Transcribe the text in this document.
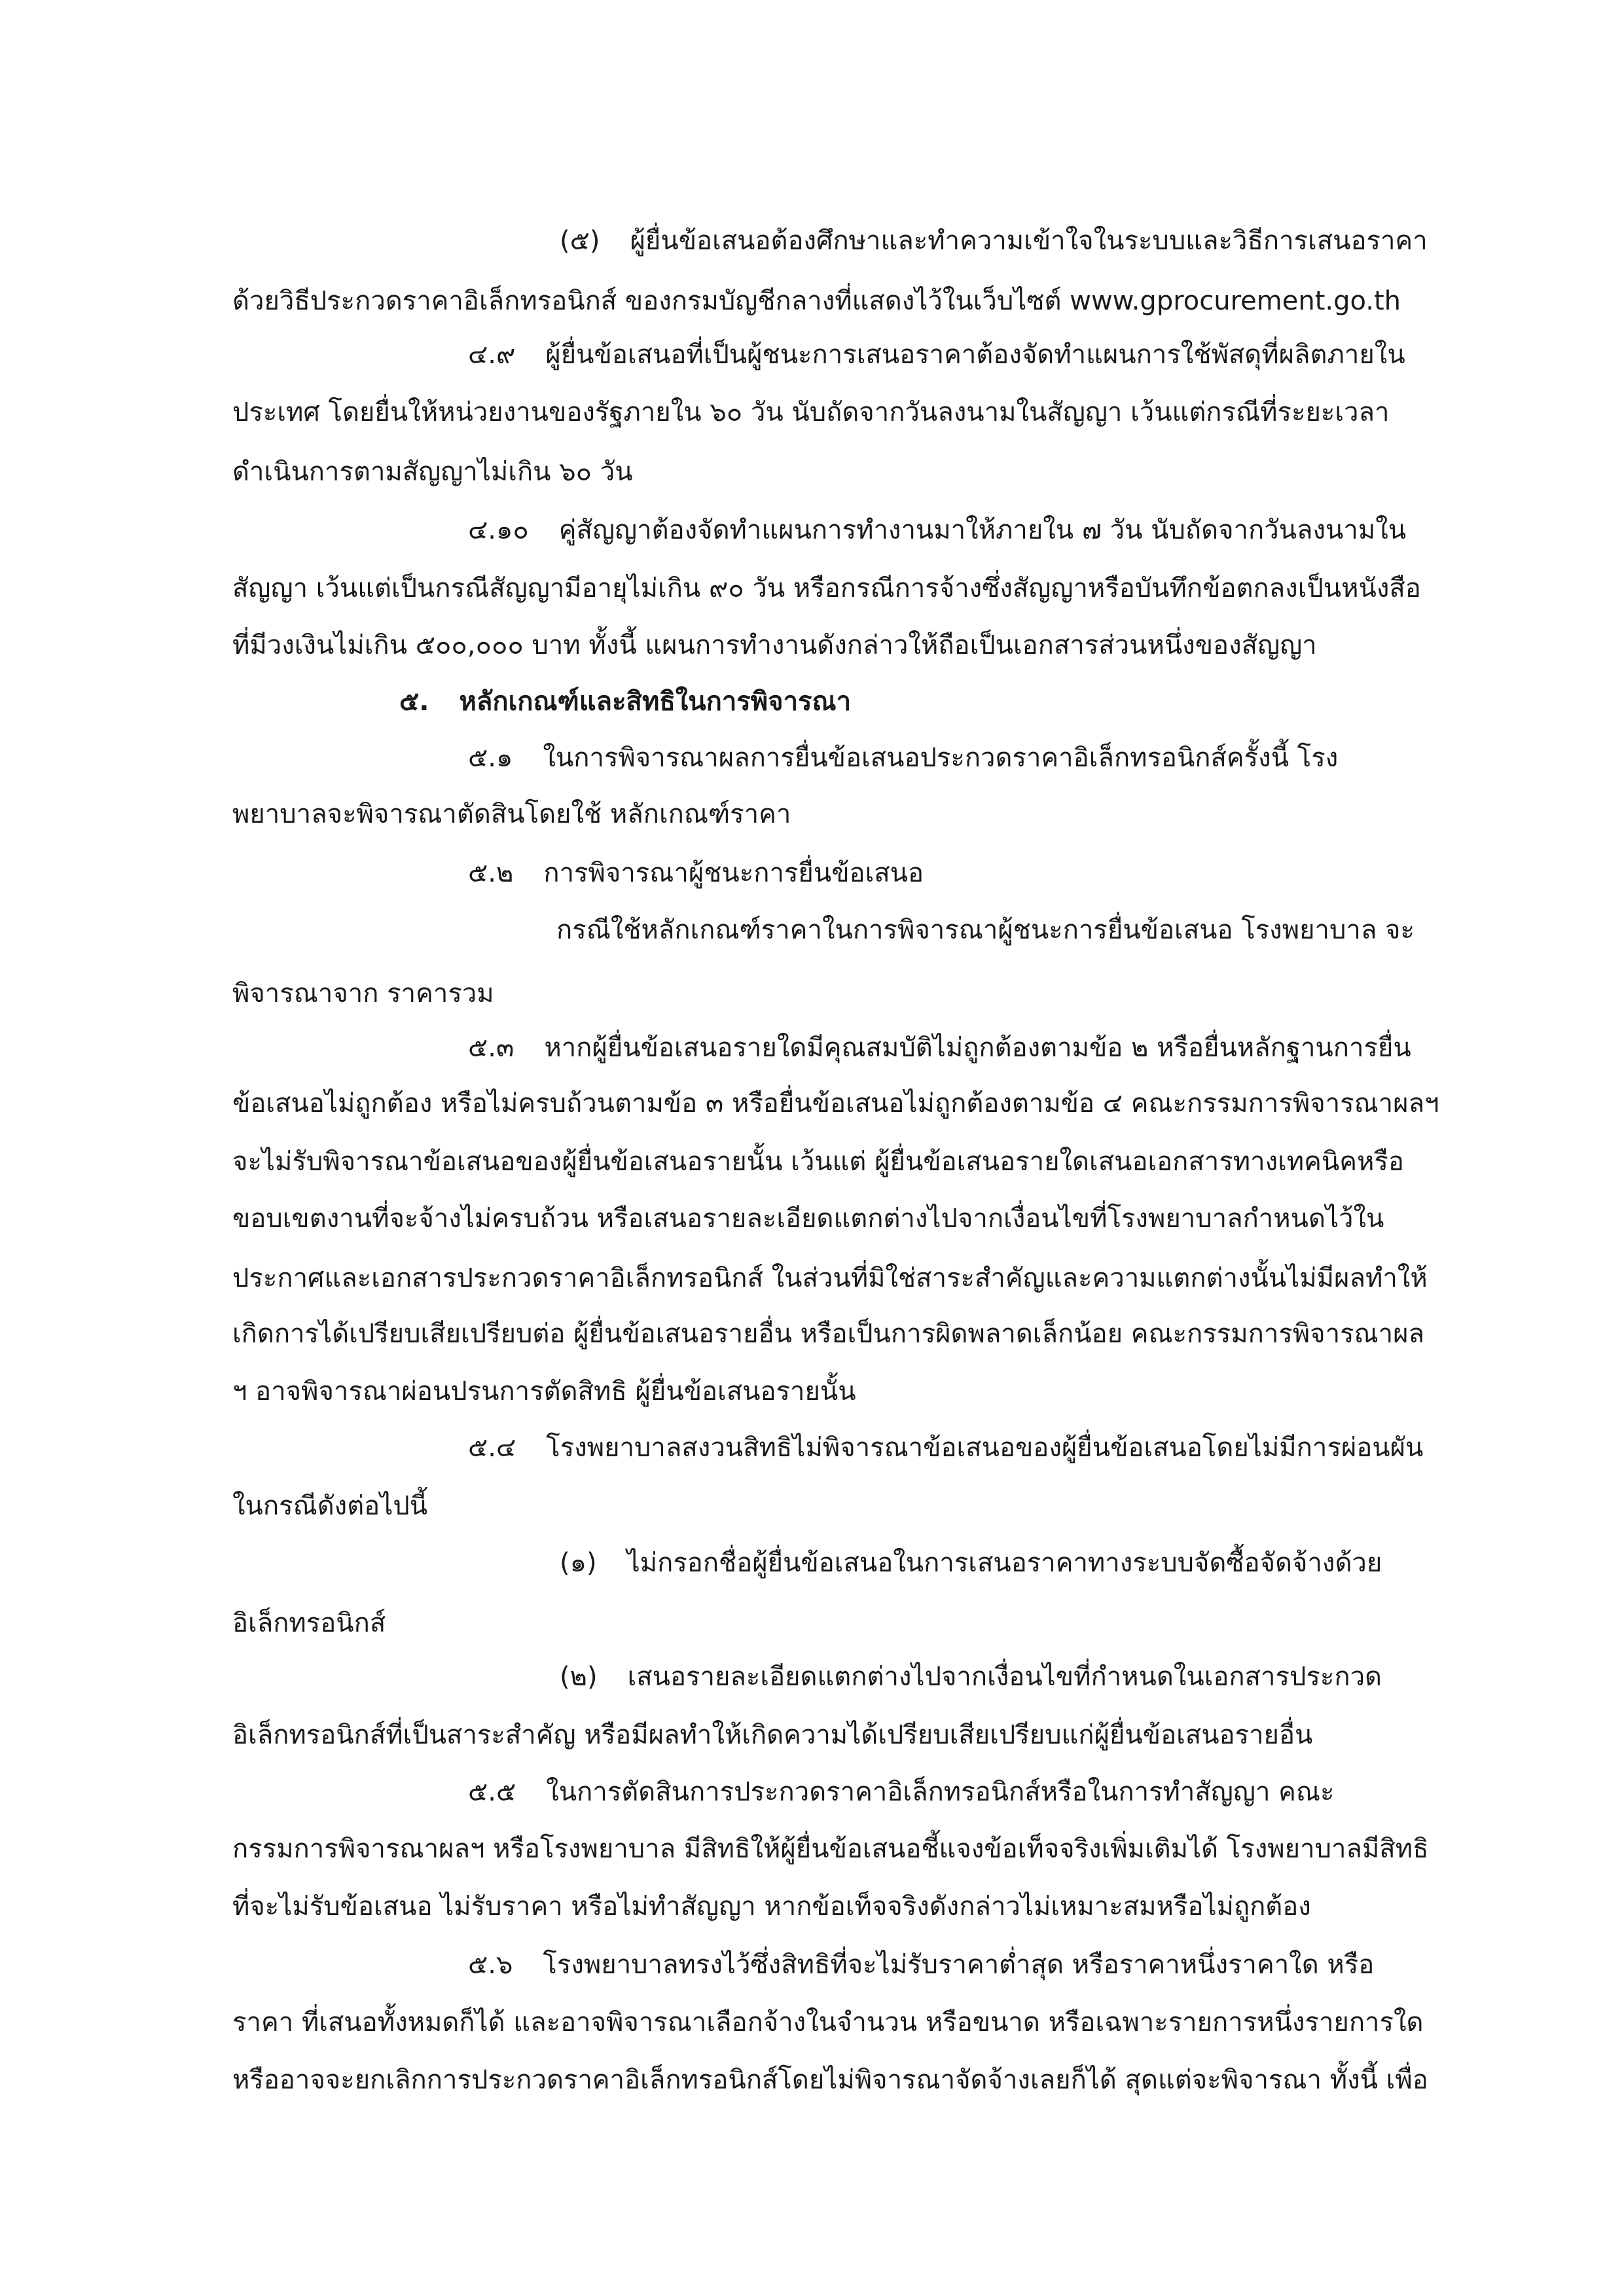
(๕) ผู้ยื่นข้อเสนอต้องศึกษาและทำความเข้าใจในระบบและวิธีการเสนอราคา
ด้วยวิธีประกวดราคาอิเล็กทรอนิกส์ ของกรมบัญชีกลางที่แสดงไว้ในเว็บไซต์ www.gprocurement.go.th
๔.๙ ผู้ยื่นข้อเสนอที่เป็นผู้ชนะการเสนอราคาต้องจัดทำแผนการใช้พัสดุที่ผลิตภายใน
ประเทศ โดยยื่นให้หน่วยงานของรัฐภายใน ๖๐ วัน นับถัดจากวันลงนามในสัญญา เว้นแต่กรณีที่ระยะเวลา
ดำเนินการตามสัญญาไม่เกิน ๖๐ วัน
๔.๑๐ คู่สัญญาต้องจัดทำแผนการทำงานมาให้ภายใน ๗ วัน นับถัดจากวันลงนามใน
สัญญา เว้นแต่เป็นกรณีสัญญามีอายุไม่เกิน ๙๐ วัน หรือกรณีการจ้างซึ่งสัญญาหรือบันทึกข้อตกลงเป็นหนังสือ
ที่มีวงเงินไม่เกิน ๕๐๐,๐๐๐ บาท ทั้งนี้ แผนการทำงานดังกล่าวให้ถือเป็นเอกสารส่วนหนึ่งของสัญญา
๕. หลักเกณฑ์และสิทธิในการพิจารณา
๕.๑ ในการพิจารณาผลการยื่นข้อเสนอประกวดราคาอิเล็กทรอนิกส์ครั้งนี้ โรง
พยาบาลจะพิจารณาตัดสินโดยใช้ หลักเกณฑ์ราคา
๕.๒ การพิจารณาผู้ชนะการยื่นข้อเสนอ
กรณีใช้หลักเกณฑ์ราคาในการพิจารณาผู้ชนะการยื่นข้อเสนอ โรงพยาบาล จะ
พิจารณาจาก ราคารวม
๕.๓ หากผู้ยื่นข้อเสนอรายใดมีคุณสมบัติไม่ถูกต้องตามข้อ ๒ หรือยื่นหลักฐานการยื่น
ข้อเสนอไม่ถูกต้อง หรือไม่ครบถ้วนตามข้อ ๓ หรือยื่นข้อเสนอไม่ถูกต้องตามข้อ ๔ คณะกรรมการพิจารณาผลฯ
จะไม่รับพิจารณาข้อเสนอของผู้ยื่นข้อเสนอรายนั้น เว้นแต่ ผู้ยื่นข้อเสนอรายใดเสนอเอกสารทางเทคนิคหรือ
ขอบเขตงานที่จะจ้างไม่ครบถ้วน หรือเสนอรายละเอียดแตกต่างไปจากเงื่อนไขที่โรงพยาบาลกำหนดไว้ใน
ประกาศและเอกสารประกวดราคาอิเล็กทรอนิกส์ ในส่วนที่มิใช่สาระสำคัญและความแตกต่างนั้นไม่มีผลทำให้
เกิดการได้เปรียบเสียเปรียบต่อ ผู้ยื่นข้อเสนอรายอื่น หรือเป็นการผิดพลาดเล็กน้อย คณะกรรมการพิจารณาผล
ฯ อาจพิจารณาผ่อนปรนการตัดสิทธิ ผู้ยื่นข้อเสนอรายนั้น
๕.๔ โรงพยาบาลสงวนสิทธิไม่พิจารณาข้อเสนอของผู้ยื่นข้อเสนอโดยไม่มีการผ่อนผัน
ในกรณีดังต่อไปนี้
(๑) ไม่กรอกชื่อผู้ยื่นข้อเสนอในการเสนอราคาทางระบบจัดซื้อจัดจ้างด้วย
อิเล็กทรอนิกส์
(๒) เสนอรายละเอียดแตกต่างไปจากเงื่อนไขที่กำหนดในเอกสารประกวด
อิเล็กทรอนิกส์ที่เป็นสาระสำคัญ หรือมีผลทำให้เกิดความได้เปรียบเสียเปรียบแก่ผู้ยื่นข้อเสนอรายอื่น
๕.๕ ในการตัดสินการประกวดราคาอิเล็กทรอนิกส์หรือในการทำสัญญา คณะ
กรรมการพิจารณาผลฯ หรือโรงพยาบาล มีสิทธิให้ผู้ยื่นข้อเสนอชี้แจงข้อเท็จจริงเพิ่มเติมได้ โรงพยาบาลมีสิทธิ
ที่จะไม่รับข้อเสนอ ไม่รับราคา หรือไม่ทำสัญญา หากข้อเท็จจริงดังกล่าวไม่เหมาะสมหรือไม่ถูกต้อง
๕.๖ โรงพยาบาลทรงไว้ซึ่งสิทธิที่จะไม่รับราคาต่ำสุด หรือราคาหนึ่งราคาใด หรือ
ราคา ที่เสนอทั้งหมดก็ได้ และอาจพิจารณาเลือกจ้างในจำนวน หรือขนาด หรือเฉพาะรายการหนึ่งรายการใด
หรืออาจจะยกเลิกการประกวดราคาอิเล็กทรอนิกส์โดยไม่พิจารณาจัดจ้างเลยก็ได้ สุดแต่จะพิจารณา ทั้งนี้ เพื่อ
